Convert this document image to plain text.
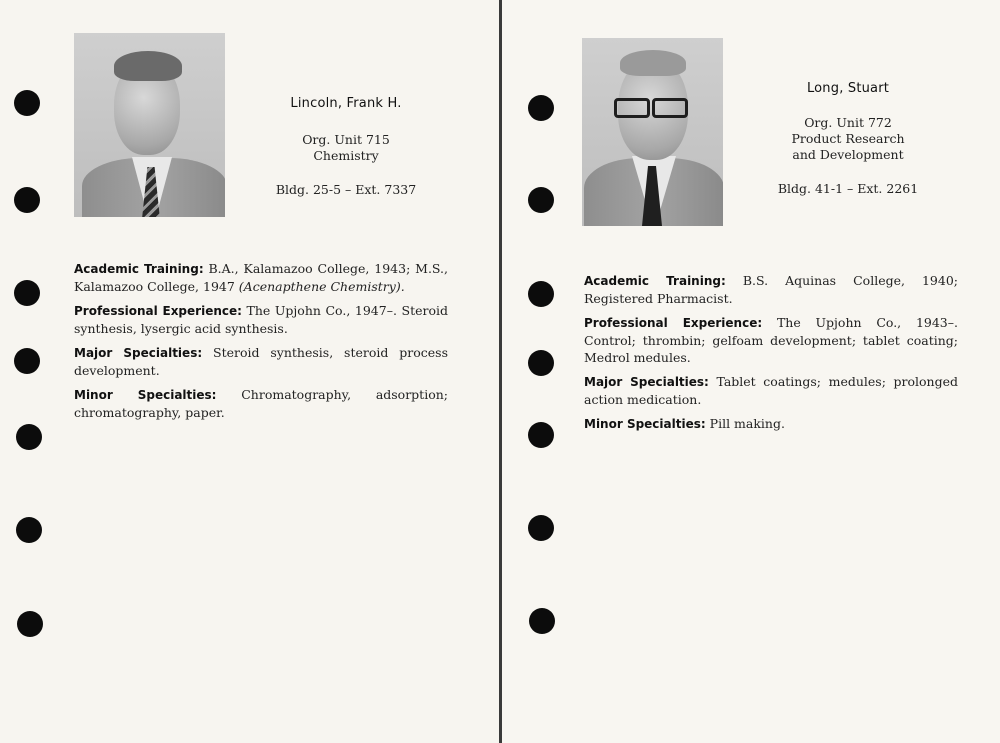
Lincoln, Frank H.
Org. Unit 715
Chemistry
Bldg. 25-5 – Ext. 7337

Academic Training: B.A., Kalamazoo College, 1943; M.S., Kalamazoo College, 1947 (Acenapthene Chemistry).

Professional Experience: The Upjohn Co., 1947–. Steroid synthesis, lysergic acid synthesis.

Major Specialties: Steroid synthesis, steroid process development.

Minor Specialties: Chromatography, adsorption; chromatography, paper.

Long, Stuart
Org. Unit 772
Product Research
and Development
Bldg. 41-1 – Ext. 2261

Academic Training: B.S. Aquinas College, 1940; Registered Pharmacist.

Professional Experience: The Upjohn Co., 1943–. Control; thrombin; gelfoam development; tablet coating; Medrol medules.

Major Specialties: Tablet coatings; medules; prolonged action medication.

Minor Specialties: Pill making.
